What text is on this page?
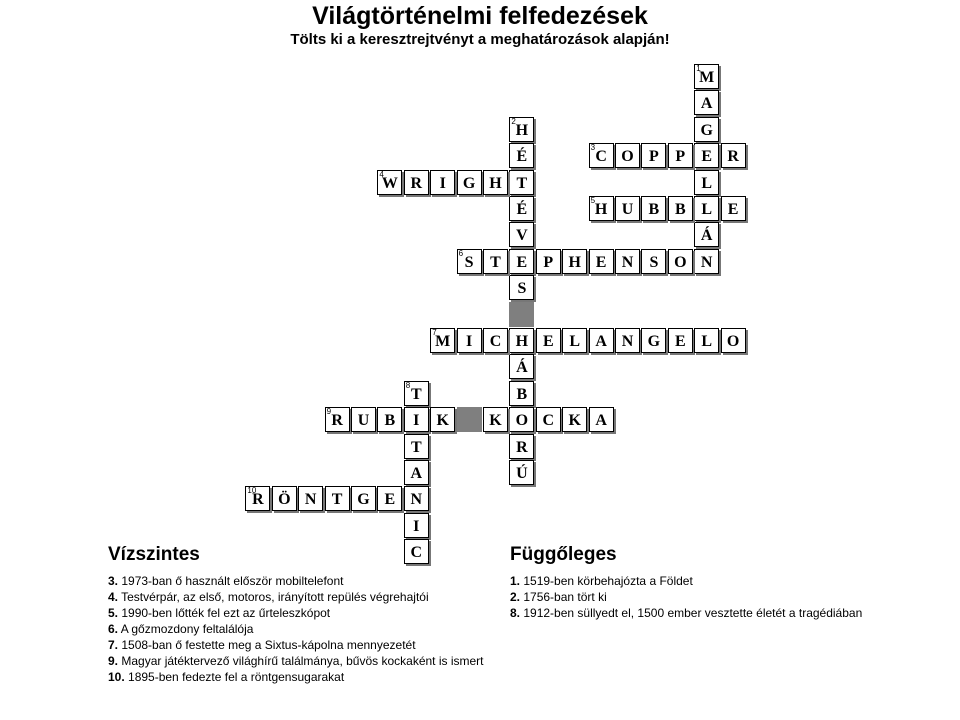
Világtörténelmi felfedezések
Tölts ki a keresztrejtvényt a meghatározások alapján!
M
1
A
G
E
L
L
Á
N
H
2
É
T
É
V
E
S
H
Á
B
O
R
Ú
C
3
O P	P	R
W
4
R	I	G H
H
5
U B B	E
S
6
T	P H E N	S O
M
7
I	C	E L A N G E L O
T
8
I
T
A
N
I
C
R
9
U B	K	K	C K A
R
10
Ö N T G E
Vízszintes
3. 1973-ban ő használt először mobiltelefont
4. Testvérpár, az első, motoros, irányított repülés végrehajtói
5. 1990-ben lőtték fel ezt az űrteleszkópot
6. A gőzmozdony feltalálója
7. 1508-ban ő festette meg a Sixtus-kápolna mennyezetét
9. Magyar játéktervező világhírű találmánya, bűvös kockaként is ismert
10. 1895-ben fedezte fel a röntgensugarakat
Függőleges
1. 1519-ben körbehajózta a Földet
2. 1756-ban tört ki
8. 1912-ben süllyedt el, 1500 ember vesztette életét a tragédiában
